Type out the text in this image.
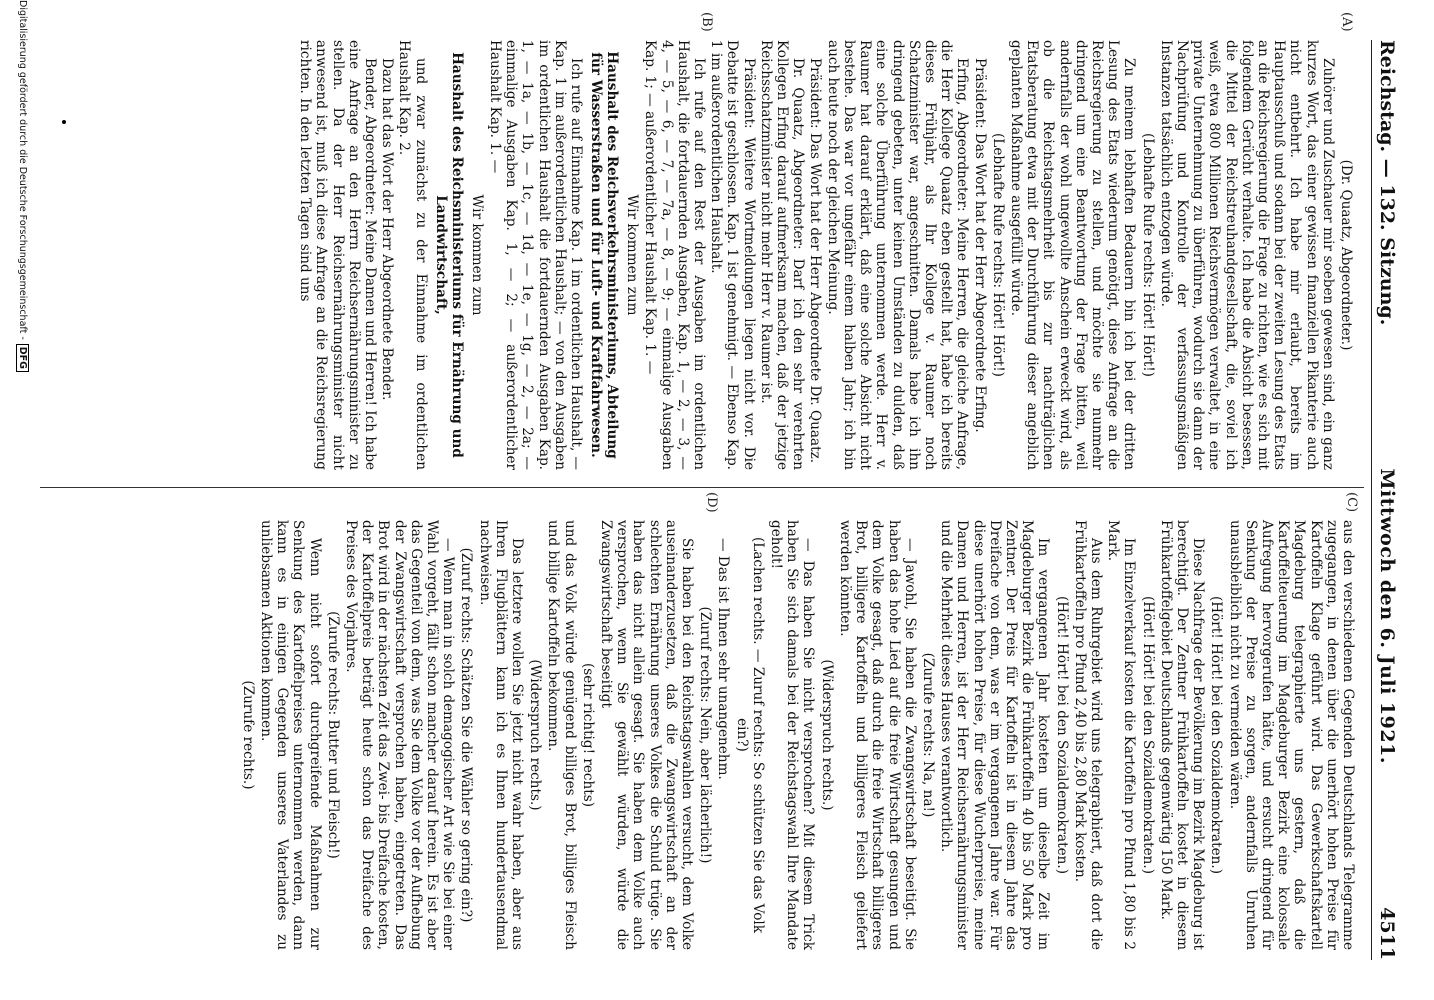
Reichstag. — 132. Sitzung.
Mittwoch den 6. Juli 1921.
4511
(A)
(B)
(C)
(D)

(Dr. Quaatz, Abgeordneter.)

Zuhörer und Zuschauer mir soeben gewesen sind, ein ganz kurzes Wort, das einer gewissen finanziellen Pikanterie auch nicht entbehrt. Ich habe mir erlaubt, bereits im Hauptausschuß und sodann bei der zweiten Lesung des Etats an die Reichsregierung die Frage zu richten, wie es sich mit folgendem Gerücht verhalte. Ich habe die Absicht besessen, die Mittel der Reichstreuhandgesellschaft, die, soviel ich weiß, etwa 800 Millionen Reichsvermögen verwaltet, in eine private Unternehmung zu überführen, wodurch sie dann der Nachprüfung und Kontrolle der verfassungsmäßigen Instanzen tatsächlich entzogen würde.

(Lebhafte Rufe rechts: Hört! Hört!)

Zu meinem lebhaften Bedauern bin ich bei der dritten Lesung des Etats wiederum genötigt, diese Anfrage an die Reichsregierung zu stellen, und möchte sie nunmehr dringend um eine Beantwortung der Frage bitten, weil andernfalls der wohl ungewollte Anschein erweckt wird, als ob die Reichstagsmehrheit bis zur nachträglichen Etatsberatung etwa mit der Durchführung dieser angeblich geplanten Maßnahme ausgefüllt würde.

(Lebhafte Rufe rechts: Hört! Hört!)

Präsident: Das Wort hat der Herr Abgeordnete Erfing.

Erfing, Abgeordneter: Meine Herren, die gleiche Anfrage, die Herr Kollege Quaatz eben gestellt hat, habe ich bereits dieses Frühjahr, als Ihr Kollege v. Raumer noch Schatzminister war, angeschnitten. Damals habe ich ihn dringend gebeten, unter keinen Umständen zu dulden, daß eine solche Überführung unternommen werde. Herr v. Raumer hat darauf erklärt, daß eine solche Absicht nicht bestehe. Das war vor ungefähr einem halben Jahr; ich bin auch heute noch der gleichen Meinung.

Präsident: Das Wort hat der Herr Abgeordnete Dr. Quaatz.

Dr. Quaatz, Abgeordneter: Darf ich den sehr verehrten Kollegen Erfing darauf aufmerksam machen, daß der jetzige Reichsschatzminister nicht mehr Herr v. Raumer ist.

Präsident: Weitere Wortmeldungen liegen nicht vor. Die Debatte ist geschlossen. Kap. 1 ist genehmigt. — Ebenso Kap. 1 im außerordentlichen Haushalt.

Ich rufe auf den Rest der Ausgaben im ordentlichen Haushalt, die fortdauernden Ausgaben, Kap. 1, — 2, — 3, — 4, — 5, — 6, — 7, — 7a, — 8, — 9; — einmalige Ausgaben Kap. 1; — außerordentlicher Haushalt Kap. 1. —

Wir kommen zum

Haushalt des Reichsverkehrsministeriums, Abteilung für Wasserstraßen und für Luft- und Kraftfahrwesen.

Ich rufe auf Einnahme Kap. 1 im ordentlichen Haushalt, — Kap. 1 im außerordentlichen Haushalt; — von den Ausgaben im ordentlichen Haushalt die fortdauernden Ausgaben Kap. 1, — 1a, — 1b, — 1c, — 1d, — 1e, — 1g, — 2, — 2a; — einmalige Ausgaben Kap. 1, — 2; — außerordentlicher Haushalt Kap. 1. —

Wir kommen zum

Haushalt des Reichsministeriums für Ernährung und Landwirtschaft,

und zwar zunächst zu der Einnahme im ordentlichen Haushalt Kap. 2.

Dazu hat das Wort der Herr Abgeordnete Bender.

Bender, Abgeordneter: Meine Damen und Herren! Ich habe eine Anfrage an den Herrn Reichsernährungsminister zu stellen. Da der Herr Reichsernährungsminister nicht anwesend ist, muß ich diese Anfrage an die Reichsregierung richten. In den letzten Tagen sind uns

aus den verschiedenen Gegenden Deutschlands Telegramme zugegangen, in denen über die unerhört hohen Preise für Kartoffeln Klage geführt wird. Das Gewerkschaftskartell Magdeburg telegraphierte uns gestern, daß die Kartoffelteuerung im Magdeburger Bezirk eine kolossale Aufregung hervorgerufen hätte, und ersucht dringend für Senkung der Preise zu sorgen, andernfalls Unruhen unausbleiblich nicht zu vermeiden wären.

(Hört! Hört! bei den Sozialdemokraten.)

Diese Nachfrage der Bevölkerung im Bezirk Magdeburg ist berechtigt. Der Zentner Frühkartoffeln kostet in diesem Frühkartoffelgebiet Deutschlands gegenwärtig 150 Mark.

(Hört! Hört! bei den Sozialdemokraten.)

Im Einzelverkauf kosten die Kartoffeln pro Pfund 1,80 bis 2 Mark.

Aus dem Ruhrgebiet wird uns telegraphiert, daß dort die Frühkartoffeln pro Pfund 2,40 bis 2,80 Mark kosten.

(Hört! Hört! bei den Sozialdemokraten.)

Im vergangenen Jahr kosteten um dieselbe Zeit im Magdeburger Bezirk die Frühkartoffeln 40 bis 50 Mark pro Zentner. Der Preis für Kartoffeln ist in diesem Jahre das Dreifache von dem, was er im vergangenen Jahre war. Für diese unerhört hohen Preise, für diese Wucherpreise, meine Damen und Herren, ist der Herr Reichsernährungsminister und die Mehrheit dieses Hauses verantwortlich.

(Zurufe rechts: Na, na!)

— Jawohl, Sie haben die Zwangswirtschaft beseitigt. Sie haben das hohe Lied auf die freie Wirtschaft gesungen und dem Volke gesagt, daß durch die freie Wirtschaft billigeres Brot, billigere Kartoffeln und billigeres Fleisch geliefert werden könnten.

(Widerspruch rechts.)

— Das haben Sie nicht versprochen? Mit diesem Trick haben Sie sich damals bei der Reichstagswahl Ihre Mandate geholt!

(Lachen rechts. — Zuruf rechts: So schützen Sie das Volk ein?)

— Das ist Ihnen sehr unangenehm.

(Zuruf rechts: Nein, aber lächerlich!)

Sie haben bei den Reichstagswahlen versucht, dem Volke auseinanderzusetzen, daß die Zwangswirtschaft an der schlechten Ernährung unseres Volkes die Schuld trüge. Sie haben das nicht allein gesagt. Sie haben dem Volke auch versprochen, wenn Sie gewählt würden, würde die Zwangswirtschaft beseitigt

(sehr richtig! rechts)

und das Volk würde genügend billiges Brot, billiges Fleisch und billige Kartoffeln bekommen.

(Widerspruch rechts.)

Das letztere wollen Sie jetzt nicht wahr haben, aber aus Ihren Flugblättern kann ich es Ihnen hundertausendmal nachweisen.

(Zuruf rechts: Schätzen Sie die Wähler so gering ein?)

— Wenn man in solch demagogischer Art wie Sie bei einer Wahl vorgeht, fällt schon mancher darauf herein. Es ist aber das Gegenteil von dem, was Sie dem Volke vor der Aufhebung der Zwangswirtschaft versprochen haben, eingetreten. Das Brot wird in der nächsten Zeit das Zwei- bis Dreifache kosten, der Kartoffelpreis beträgt heute schon das Dreifache des Preises des Vorjahres.

(Zurufe rechts: Butter und Fleisch!)

Wenn nicht sofort durchgreifende Maßnahmen zur Senkung des Kartoffelpreises unternommen werden, dann kann es in einigen Gegenden unseres Vaterlandes zu unliebsamen Aktionen kommen.

(Zurufe rechts.)

Digitalisierung gefördert durch die Deutsche Forschungsgemeinschaft -DFG
